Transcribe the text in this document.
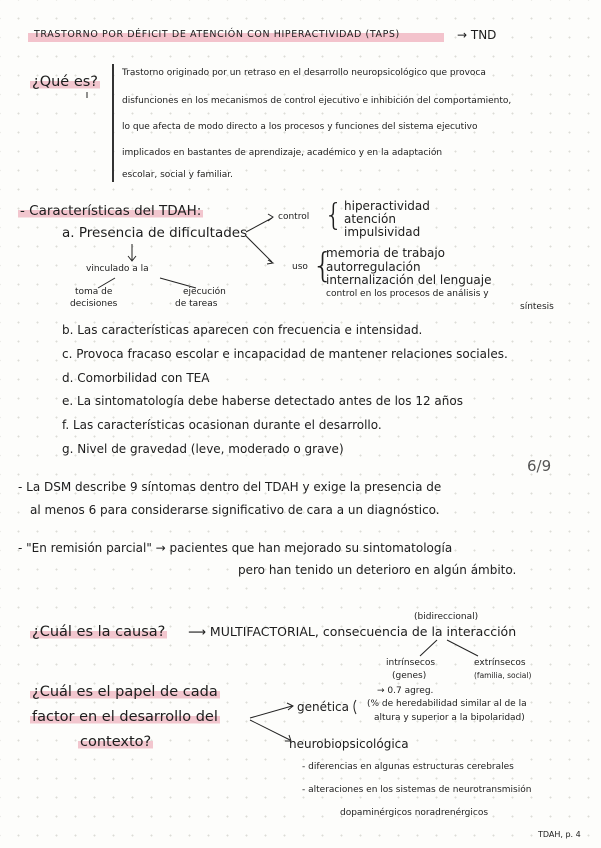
TRASTORNO POR DÉFICIT DE ATENCIÓN CON HIPERACTIVIDAD (TAPS)	→ TND
¿Qué es?
Trastorno originado por un retraso en el desarrollo neuropsicológico que provoca
disfunciones en los mecanismos de control ejecutivo e inhibición del comportamiento,
lo que afecta de modo directo a los procesos y funciones del sistema ejecutivo
implicados en bastantes de aprendizaje, académico y en la adaptación
escolar, social y familiar.
- Características del TDAH:
a. Presencia de dificultades
control { hiperactividad
atención
impulsividad
uso {
memoria de trabajo
autorregulación
internalización del lenguaje
control en los procesos de análisis y
síntesis
vinculado a la
toma de
decisiones
ejecución
de tareas
b. Las características aparecen con frecuencia e intensidad.
c. Provoca fracaso escolar e incapacidad de mantener relaciones sociales.
d. Comorbilidad con TEA
e. La sintomatología debe haberse detectado antes de los 12 años
f. Las características ocasionan durante el desarrollo.
g. Nivel de gravedad (leve, moderado o grave)
6/9
- La DSM describe 9 síntomas dentro del TDAH y exige la presencia de
al menos 6 para considerarse significativo de cara a un diagnóstico.
- "En remisión parcial" → pacientes que han mejorado su sintomatología
pero han tenido un deterioro en algún ámbito.
¿Cuál es la causa?
(bidireccional)
⟶ MULTIFACTORIAL, consecuencia de la interacción
intrínsecos
(genes)
extrínsecos
(familia, social)
¿Cuál es el papel de cada
factor en el desarrollo del
contexto?
genética
→ 0.7 agreg.
(% de heredabilidad similar al de la
altura y superior a la bipolaridad)
neurobiopsicológica
- diferencias en algunas estructuras cerebrales
- alteraciones en los sistemas de neurotransmisión
dopaminérgicos noradrenérgicos
TDAH, p. 4
